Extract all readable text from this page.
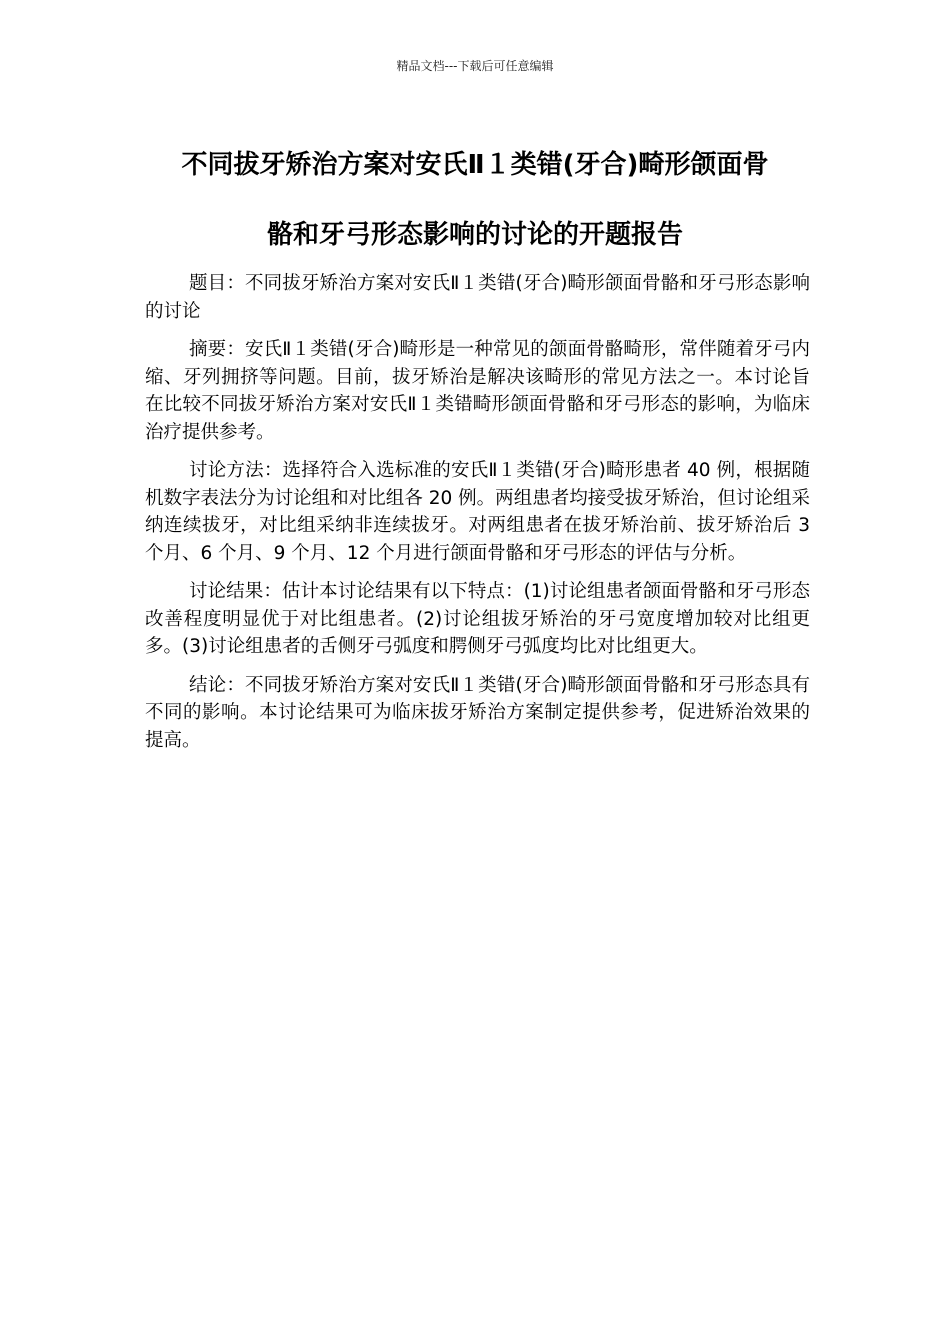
精品文档---下载后可任意编辑
不同拔牙矫治方案对安氏Ⅱ１类错(牙合)畸形颌面骨
骼和牙弓形态影响的讨论的开题报告

题目：不同拔牙矫治方案对安氏Ⅱ１类错(牙合)畸形颌面骨骼和牙弓形态影响的讨论

摘要：安氏Ⅱ１类错(牙合)畸形是一种常见的颌面骨骼畸形，常伴随着牙弓内缩、牙列拥挤等问题。目前，拔牙矫治是解决该畸形的常见方法之一。本讨论旨在比较不同拔牙矫治方案对安氏Ⅱ１类错畸形颌面骨骼和牙弓形态的影响，为临床治疗提供参考。

讨论方法：选择符合入选标准的安氏Ⅱ１类错(牙合)畸形患者 40 例，根据随机数字表法分为讨论组和对比组各 20 例。两组患者均接受拔牙矫治，但讨论组采纳连续拔牙，对比组采纳非连续拔牙。对两组患者在拔牙矫治前、拔牙矫治后 3 个月、6 个月、9 个月、12 个月进行颌面骨骼和牙弓形态的评估与分析。

讨论结果：估计本讨论结果有以下特点：(1)讨论组患者颌面骨骼和牙弓形态改善程度明显优于对比组患者。(2)讨论组拔牙矫治的牙弓宽度增加较对比组更多。(3)讨论组患者的舌侧牙弓弧度和腭侧牙弓弧度均比对比组更大。

结论：不同拔牙矫治方案对安氏Ⅱ１类错(牙合)畸形颌面骨骼和牙弓形态具有不同的影响。本讨论结果可为临床拔牙矫治方案制定提供参考，促进矫治效果的提高。
